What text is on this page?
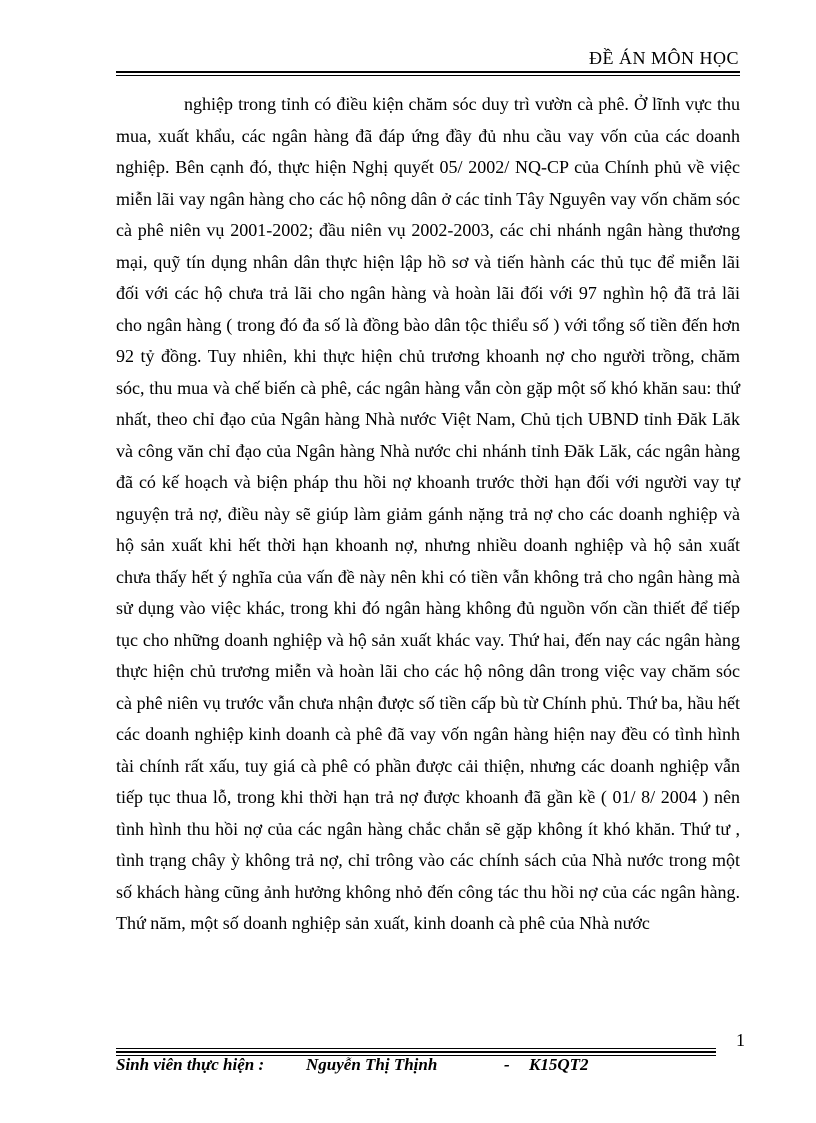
ĐỀ ÁN MÔN HỌC

nghiệp trong tỉnh có điều kiện chăm sóc duy trì vườn cà phê. Ở lĩnh vực thu mua, xuất khẩu, các ngân hàng đã đáp ứng đầy đủ nhu cầu vay vốn của các doanh nghiệp. Bên cạnh đó, thực hiện Nghị quyết 05/ 2002/ NQ-CP của Chính phủ về việc miễn lãi vay ngân hàng cho các hộ nông dân ở các tỉnh Tây Nguyên vay vốn chăm sóc cà phê niên vụ 2001-2002; đầu niên vụ 2002-2003, các chi nhánh ngân hàng thương mại, quỹ tín dụng nhân dân thực hiện lập hồ sơ và tiến hành các thủ tục để miễn lãi đối với các hộ chưa trả lãi cho ngân hàng và hoàn lãi đối với 97 nghìn hộ đã trả lãi cho ngân hàng ( trong đó đa số là đồng bào dân tộc thiểu số ) với tổng số tiền đến hơn 92 tỷ đồng. Tuy nhiên, khi thực hiện chủ trương khoanh nợ cho người trồng, chăm sóc, thu mua và chế biến cà phê, các ngân hàng vẫn còn gặp một số khó khăn sau: thứ nhất, theo chỉ đạo của Ngân hàng Nhà nước Việt Nam, Chủ tịch UBND tỉnh Đăk Lăk và công văn chỉ đạo của Ngân hàng Nhà nước chi nhánh tỉnh Đăk Lăk, các ngân hàng đã có kế hoạch và biện pháp thu hồi nợ khoanh trước thời hạn đối với người vay tự nguyện trả nợ, điều này sẽ giúp làm giảm gánh nặng trả nợ cho các doanh nghiệp và hộ sản xuất khi hết thời hạn khoanh nợ, nhưng nhiều doanh nghiệp và hộ sản xuất chưa thấy hết ý nghĩa của vấn đề này nên khi có tiền vẫn không trả cho ngân hàng mà sử dụng vào việc khác, trong khi đó ngân hàng không đủ nguồn vốn cần thiết để tiếp tục cho những doanh nghiệp và hộ sản xuất khác vay. Thứ hai, đến nay các ngân hàng thực hiện chủ trương miễn và hoàn lãi cho các hộ nông dân trong việc vay chăm sóc cà phê niên vụ trước vẫn chưa nhận được số tiền cấp bù từ Chính phủ. Thứ ba, hầu hết các doanh nghiệp kinh doanh cà phê đã vay vốn ngân hàng hiện nay đều có tình hình tài chính rất xấu, tuy giá cà phê có phần được cải thiện, nhưng các doanh nghiệp vẫn tiếp tục thua lỗ, trong khi thời hạn trả nợ được khoanh đã gần kề ( 01/ 8/ 2004 ) nên tình hình thu hồi nợ của các ngân hàng chắc chắn sẽ gặp không ít khó khăn. Thứ tư , tình trạng chây ỳ không trả nợ, chỉ trông vào các chính sách của Nhà nước trong một số khách hàng cũng ảnh hưởng không nhỏ đến công tác thu hồi nợ của các ngân hàng. Thứ năm, một số doanh nghiệp sản xuất, kinh doanh cà phê của Nhà nước

1
Sinh viên thực hiện : Nguyễn Thị Thịnh	- K15QT2
